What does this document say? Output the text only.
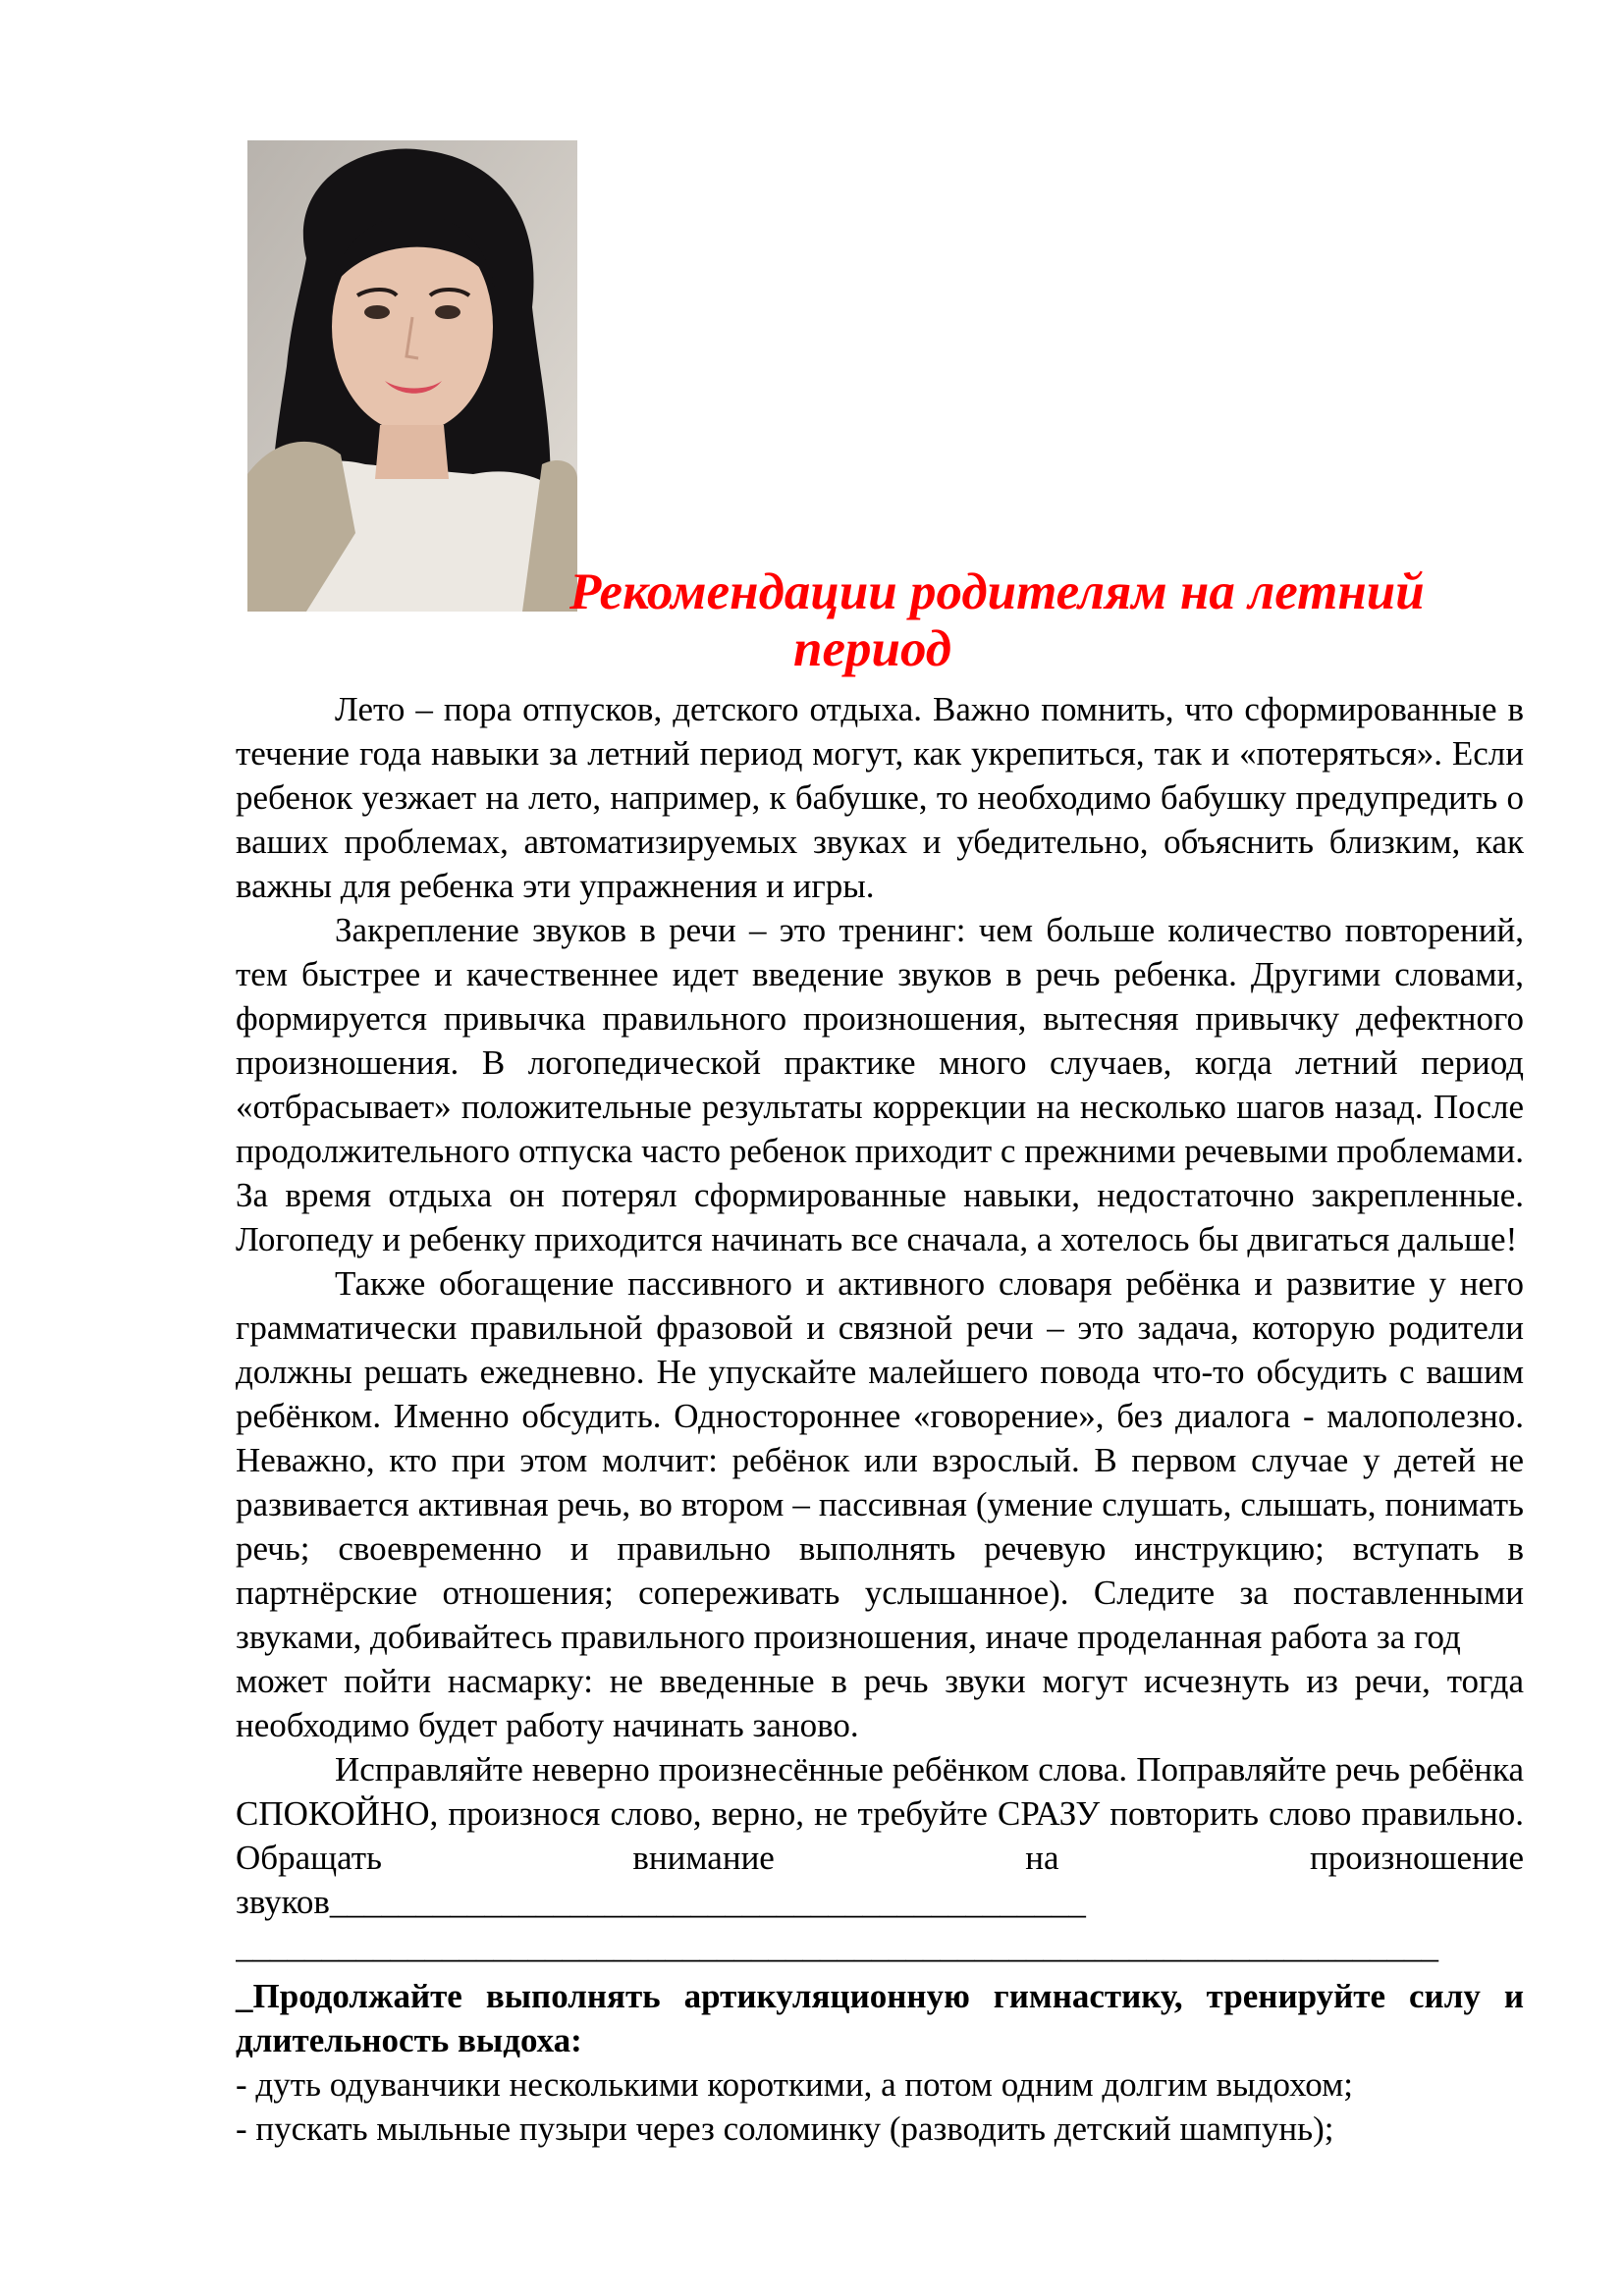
Рекомендации родителям на летний
период

Лето – пора отпусков, детского отдыха. Важно помнить, что сформированные в течение года навыки за летний период могут, как укрепиться, так и «потеряться». Если ребенок уезжает на лето, например, к бабушке, то необходимо бабушку предупредить о ваших проблемах, автоматизируемых звуках и убедительно, объяснить близким, как важны для ребенка эти упражнения и игры.

Закрепление звуков в речи – это тренинг: чем больше количество повторений, тем быстрее и качественнее идет введение звуков в речь ребенка. Другими словами, формируется привычка правильного произношения, вытесняя привычку дефектного произношения. В логопедической практике много случаев, когда летний период «отбрасывает» положительные результаты коррекции на несколько шагов назад. После продолжительного отпуска часто ребенок приходит с прежними речевыми проблемами. За время отдыха он потерял сформированные навыки, недостаточно закрепленные. Логопеду и ребенку приходится начинать все сначала, а хотелось бы двигаться дальше!

Также обогащение пассивного и активного словаря ребёнка и развитие у него грамматически правильной фразовой и связной речи – это задача, которую родители должны решать ежедневно. Не упускайте малейшего повода что-то обсудить с вашим ребёнком. Именно обсудить. Одностороннее «говорение», без диалога - малополезно. Неважно, кто при этом молчит: ребёнок или взрослый. В первом случае у детей не развивается активная речь, во втором – пассивная (умение слушать, слышать, понимать речь; своевременно и правильно выполнять речевую инструкцию; вступать в партнёрские отношения; сопереживать услышанное). Следите за поставленными звуками, добивайтесь правильного произношения, иначе проделанная работа за год

может пойти насмарку: не введенные в речь звуки могут исчезнуть из речи, тогда необходимо будет работу начинать заново.

Исправляйте неверно произнесённые ребёнком слова. Поправляйте речь ребёнка СПОКОЙНО, произнося слово, верно, не требуйте СРАЗУ повторить слово правильно. Обращать внимание на произношение

звуков____________________________________________

______________________________________________________________________

_Продолжайте выполнять артикуляционную гимнастику, тренируйте силу и длительность выдоха:

- дуть одуванчики несколькими короткими, а потом одним долгим выдохом;

- пускать мыльные пузыри через соломинку (разводить детский шампунь);
